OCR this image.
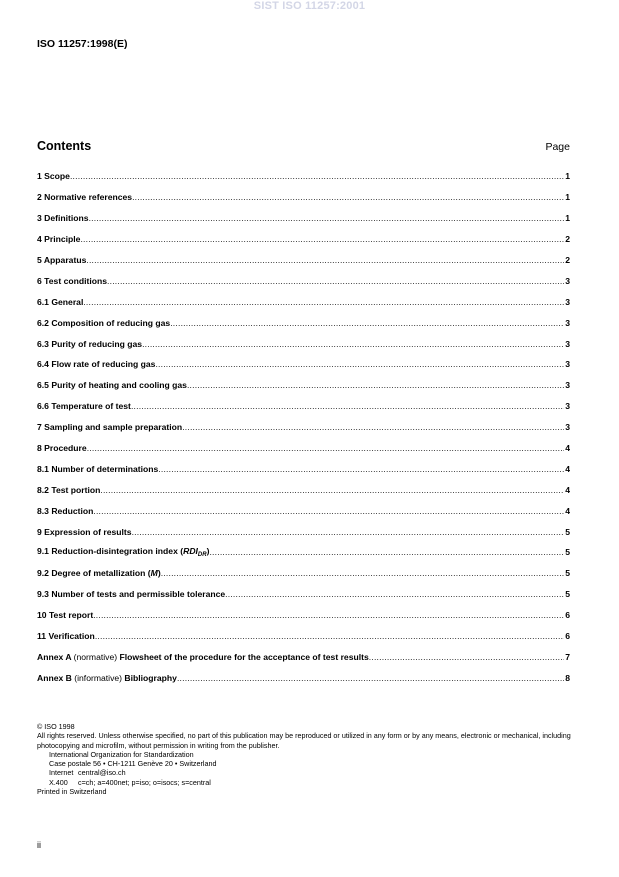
SIST ISO 11257:2001
ISO 11257:1998(E)
Contents	Page
1 Scope .....	1
2 Normative references .....	1
3 Definitions .....	1
4 Principle .....	2
5 Apparatus .....	2
6 Test conditions .....	3
6.1 General .....	3
6.2 Composition of reducing gas .....	3
6.3 Purity of reducing gas .....	3
6.4 Flow rate of reducing gas .....	3
6.5 Purity of heating and cooling gas .....	3
6.6 Temperature of test .....	3
7 Sampling and sample preparation .....	3
8 Procedure .....	4
8.1 Number of determinations .....	4
8.2 Test portion .....	4
8.3 Reduction .....	4
9 Expression of results .....	5
9.1 Reduction-disintegration index $(RDI_{DR})$ .....	5
9.2 Degree of metallization (M) .....	5
9.3 Number of tests and permissible tolerance .....	5
10 Test report .....	6
11 Verification .....	6
Annex A (normative) Flowsheet of the procedure for the acceptance of test results .....	7
Annex B (informative) Bibliography .....	8
© ISO 1998
All rights reserved. Unless otherwise specified, no part of this publication may be reproduced or utilized in any form or by any means, electronic or mechanical, including photocopying and microfilm, without permission in writing from the publisher.
International Organization for Standardization
Case postale 56 • CH-1211 Genève 20 • Switzerland
Internet central@iso.ch
X.400	c=ch; a=400net; p=iso; o=isocs; s=central
Printed in Switzerland
ii
